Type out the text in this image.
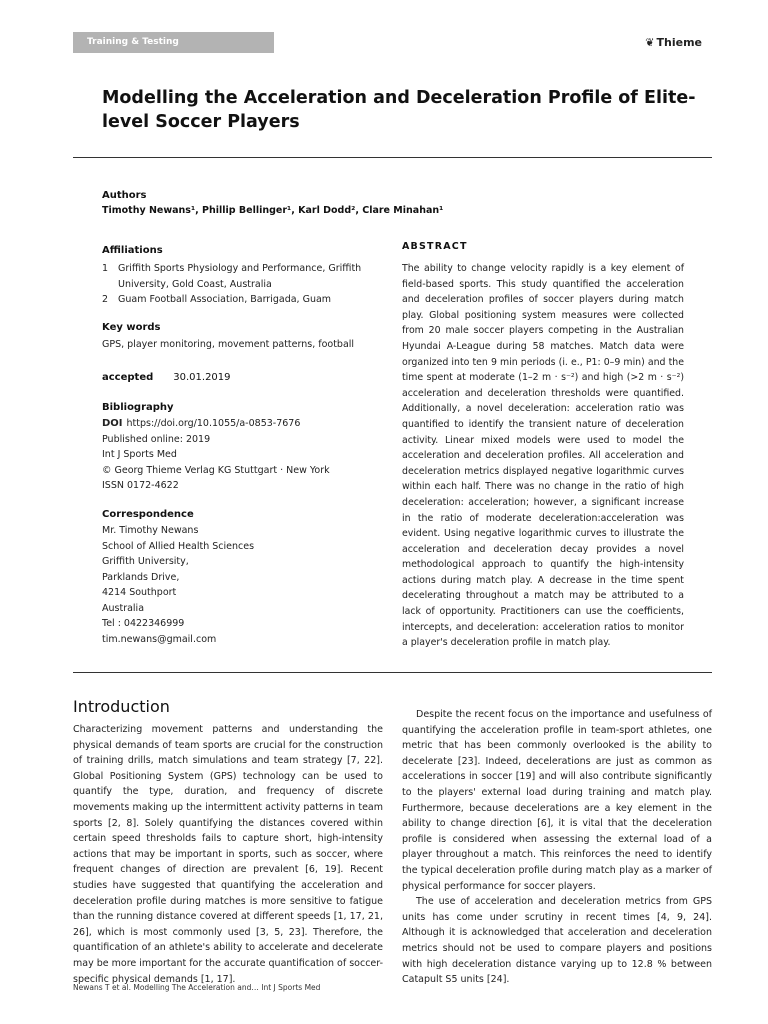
Training & Testing	❦ Thieme
Modelling the Acceleration and Deceleration Profile of Elite-level Soccer Players
Authors
Timothy Newans¹, Phillip Bellinger¹, Karl Dodd², Clare Minahan¹
Affiliations
1	Griffith Sports Physiology and Performance, Griffith University, Gold Coast, Australia
2	Guam Football Association, Barrigada, Guam
Key words
GPS, player monitoring, movement patterns, football
accepted 30.01.2019
Bibliography
DOI https://doi.org/10.1055/a-0853-7676
Published online: 2019
Int J Sports Med
© Georg Thieme Verlag KG Stuttgart · New York
ISSN 0172-4622
Correspondence
Mr. Timothy Newans
School of Allied Health Sciences
Griffith University,
Parklands Drive,
4214 Southport
Australia
Tel : 0422346999
tim.newans@gmail.com
ABSTRACT
The ability to change velocity rapidly is a key element of field-based sports. This study quantified the acceleration and deceleration profiles of soccer players during match play. Global positioning system measures were collected from 20 male soccer players competing in the Australian Hyundai A-League during 58 matches. Match data were organized into ten 9 min periods (i. e., P1: 0–9 min) and the time spent at moderate (1–2 m · s⁻²) and high (>2 m · s⁻²) acceleration and deceleration thresholds were quantified. Additionally, a novel deceleration: acceleration ratio was quantified to identify the transient nature of deceleration activity. Linear mixed models were used to model the acceleration and deceleration profiles. All acceleration and deceleration metrics displayed negative logarithmic curves within each half. There was no change in the ratio of high deceleration: acceleration; however, a significant increase in the ratio of moderate deceleration:acceleration was evident. Using negative logarithmic curves to illustrate the acceleration and deceleration decay provides a novel methodological approach to quantify the high-intensity actions during match play. A decrease in the time spent decelerating throughout a match may be attributed to a lack of opportunity. Practitioners can use the coefficients, intercepts, and deceleration: acceleration ratios to monitor a player's deceleration profile in match play.
Introduction

Characterizing movement patterns and understanding the physical demands of team sports are crucial for the construction of training drills, match simulations and team strategy [7, 22]. Global Positioning System (GPS) technology can be used to quantify the type, duration, and frequency of discrete movements making up the intermittent activity patterns in team sports [2, 8]. Solely quantifying the distances covered within certain speed thresholds fails to capture short, high-intensity actions that may be important in sports, such as soccer, where frequent changes of direction are prevalent [6, 19]. Recent studies have suggested that quantifying the acceleration and deceleration profile during matches is more sensitive to fatigue than the running distance covered at different speeds [1, 17, 21, 26], which is most commonly used [3, 5, 23]. Therefore, the quantification of an athlete's ability to accelerate and decelerate may be more important for the accurate quantification of soccer-specific physical demands [1, 17].

Despite the recent focus on the importance and usefulness of quantifying the acceleration profile in team-sport athletes, one metric that has been commonly overlooked is the ability to decelerate [23]. Indeed, decelerations are just as common as accelerations in soccer [19] and will also contribute significantly to the players' external load during training and match play. Furthermore, because decelerations are a key element in the ability to change direction [6], it is vital that the deceleration profile is considered when assessing the external load of a player throughout a match. This reinforces the need to identify the typical deceleration profile during match play as a marker of physical performance for soccer players.

The use of acceleration and deceleration metrics from GPS units has come under scrutiny in recent times [4, 9, 24]. Although it is acknowledged that acceleration and deceleration metrics should not be used to compare players and positions with high deceleration distance varying up to 12.8 % between Catapult S5 units [24].

Newans T et al. Modelling The Acceleration and… Int J Sports Med
